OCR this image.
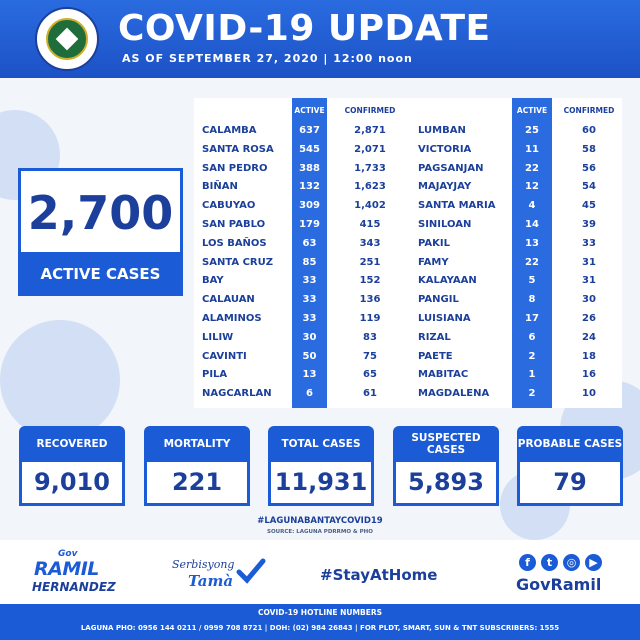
COVID-19 UPDATE
AS OF SEPTEMBER 27, 2020 | 12:00 noon
2,700
ACTIVE CASES
ACTIVE	CONFIRMED	ACTIVE	CONFIRMED
CALAMBA	637	2,871
SANTA ROSA	545	2,071
SAN PEDRO	388	1,733
BIÑAN	132	1,623
CABUYAO	309	1,402
SAN PABLO	179	415
LOS BAÑOS	63	343
SANTA CRUZ	85	251
BAY	33	152
CALAUAN	33	136
ALAMINOS	33	119
LILIW	30	83
CAVINTI	50	75
PILA	13	65
NAGCARLAN	6	61
LUMBAN	25	60
VICTORIA	11	58
PAGSANJAN	22	56
MAJAYJAY	12	54
SANTA MARIA	4	45
SINILOAN	14	39
PAKIL	13	33
FAMY	22	31
KALAYAAN	5	31
PANGIL	8	30
LUISIANA	17	26
RIZAL	6	24
PAETE	2	18
MABITAC	1	16
MAGDALENA	2	10
RECOVERED
9,010
MORTALITY
221
TOTAL CASES
11,931
SUSPECTED CASES
5,893
PROBABLE CASES
79
#LAGUNABANTAYCOVID19
SOURCE: LAGUNA PDRRMO & PHO
Gov
RAMIL
HERNANDEZ
Serbisyong
Tamà	#StayAtHome
f	t	◎	▶
GovRamil
COVID-19 HOTLINE NUMBERS
LAGUNA PHO: 0956 144 0211 / 0999 708 8721 | DOH: (02) 984 26843 | FOR PLDT, SMART, SUN & TNT SUBSCRIBERS: 1555
